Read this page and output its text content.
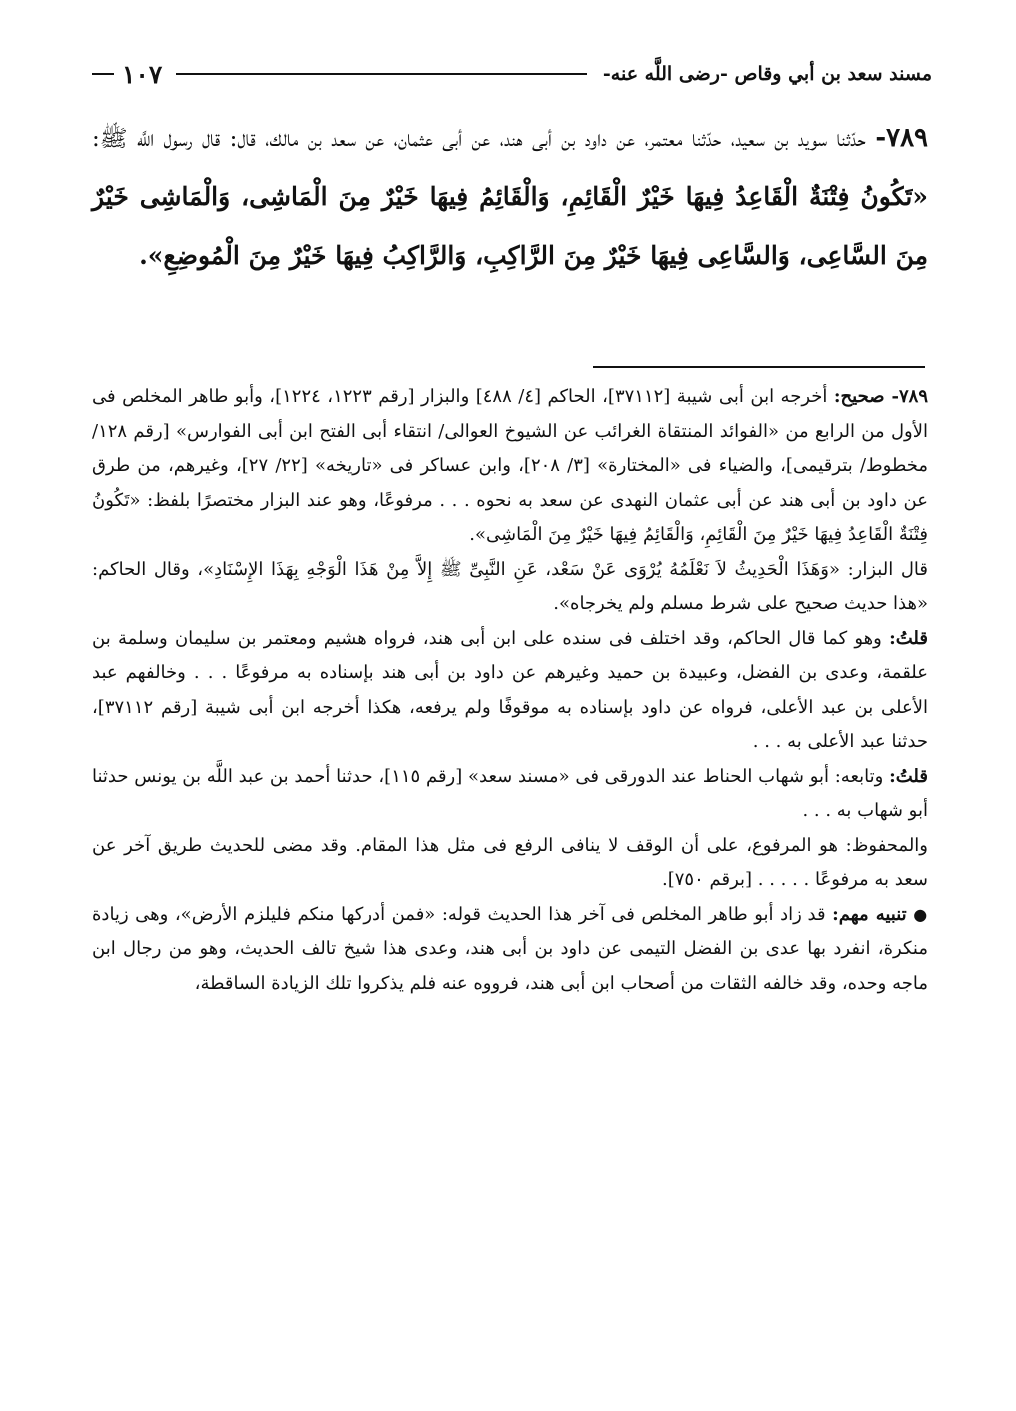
مسند سعد بن أبي وقاص -رضى اللَّه عنه-
١٠٧
٧٨٩- حدّثنا سويد بن سعيد، حدّثنا معتمر، عن داود بن أبى هند، عن أبى عثمان، عن سعد بن مالك، قال: قال رسول اللَّه ﷺ: «تَكُونُ فِتْنَةٌ الْقَاعِدُ فِيهَا خَيْرٌ الْقَائِمِ، وَالْقَائِمُ فِيهَا خَيْرٌ مِنَ الْمَاشِى، وَالْمَاشِى خَيْرٌ مِنَ السَّاعِى، وَالسَّاعِى فِيهَا خَيْرٌ مِنَ الرَّاكِبِ، وَالرَّاكِبُ فِيهَا خَيْرٌ مِنَ الْمُوضِعِ».

٧٨٩- صحيح: أخرجه ابن أبى شيبة [٣٧١١٢]، الحاكم [٤/ ٤٨٨] والبزار [رقم ١٢٢٣، ١٢٢٤]، وأبو طاهر المخلص فى الأول من الرابع من «الفوائد المنتقاة الغرائب عن الشيوخ العوالى/ انتقاء أبى الفتح ابن أبى الفوارس» [رقم ١٢٨/ مخطوط/ بترقيمى]، والضياء فى «المختارة» [٣/ ٢٠٨]، وابن عساكر فى «تاريخه» [٢٢/ ٢٧]، وغيرهم، من طرق عن داود بن أبى هند عن أبى عثمان النهدى عن سعد به نحوه . . . مرفوعًا، وهو عند البزار مختصرًا بلفظ: «تَكُونُ فِتْنَةٌ الْقَاعِدُ فِيهَا خَيْرٌ مِنَ الْقَائِمِ، وَالْقَائِمُ فِيهَا خَيْرٌ مِنَ الْمَاشِى».

قال البزار: «وَهَذَا الْحَدِيثُ لاَ نَعْلَمُهُ يُرْوَى عَنْ سَعْد، عَنِ النَّبِىِّ ﷺ إِلاَّ مِنْ هَذَا الْوَجْهِ بِهَذَا الإِسْنَادِ»، وقال الحاكم: «هذا حديث صحيح على شرط مسلم ولم يخرجاه».

قلتُ: وهو كما قال الحاكم، وقد اختلف فى سنده على ابن أبى هند، فرواه هشيم ومعتمر بن سليمان وسلمة بن علقمة، وعدى بن الفضل، وعبيدة بن حميد وغيرهم عن داود بن أبى هند بإسناده به مرفوعًا . . . وخالفهم عبد الأعلى بن عبد الأعلى، فرواه عن داود بإسناده به موقوفًا ولم يرفعه، هكذا أخرجه ابن أبى شيبة [رقم ٣٧١١٢]، حدثنا عبد الأعلى به . . .

قلتُ: وتابعه: أبو شهاب الحناط عند الدورقى فى «مسند سعد» [رقم ١١٥]، حدثنا أحمد بن عبد اللَّه بن يونس حدثنا أبو شهاب به . . .

والمحفوظ: هو المرفوع، على أن الوقف لا ينافى الرفع فى مثل هذا المقام. وقد مضى للحديث طريق آخر عن سعد به مرفوعًا . . . . . [برقم ٧٥٠].

● تنبيه مهم: قد زاد أبو طاهر المخلص فى آخر هذا الحديث قوله: «فمن أدركها منكم فليلزم الأرض»، وهى زيادة منكرة، انفرد بها عدى بن الفضل التيمى عن داود بن أبى هند، وعدى هذا شيخ تالف الحديث، وهو من رجال ابن ماجه وحده، وقد خالفه الثقات من أصحاب ابن أبى هند، فرووه عنه فلم يذكروا تلك الزيادة الساقطة،
